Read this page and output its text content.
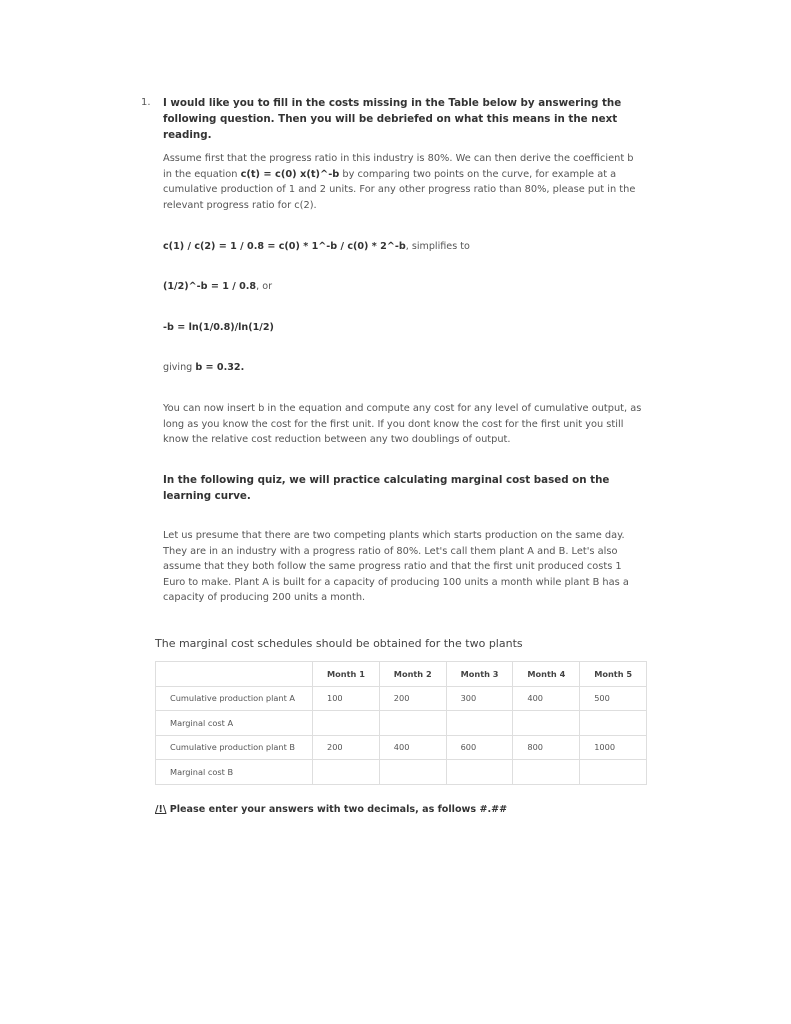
1. I would like you to fill in the costs missing in the Table below by answering the following question. Then you will be debriefed on what this means in the next reading.
Assume first that the progress ratio in this industry is 80%. We can then derive the coefficient b in the equation c(t) = c(0) x(t)^-b by comparing two points on the curve, for example at a cumulative production of 1 and 2 units. For any other progress ratio than 80%, please put in the relevant progress ratio for c(2).
c(1) / c(2) = 1 / 0.8 = c(0) * 1^-b / c(0) * 2^-b, simplifies to
(1/2)^-b = 1 / 0.8, or
-b = ln(1/0.8)/ln(1/2)
giving b = 0.32.
You can now insert b in the equation and compute any cost for any level of cumulative output, as long as you know the cost for the first unit. If you dont know the cost for the first unit you still know the relative cost reduction between any two doublings of output.
In the following quiz, we will practice calculating marginal cost based on the learning curve.
Let us presume that there are two competing plants which starts production on the same day. They are in an industry with a progress ratio of 80%. Let's call them plant A and B. Let's also assume that they both follow the same progress ratio and that the first unit produced costs 1 Euro to make. Plant A is built for a capacity of producing 100 units a month while plant B has a capacity of producing 200 units a month.
The marginal cost schedules should be obtained for the two plants
	Month 1	Month 2	Month 3	Month 4	Month 5
Cumulative production plant A	100	200	300	400	500
Marginal cost A					
Cumulative production plant B	200	400	600	800	1000
Marginal cost B					
/!\ Please enter your answers with two decimals, as follows #.##
